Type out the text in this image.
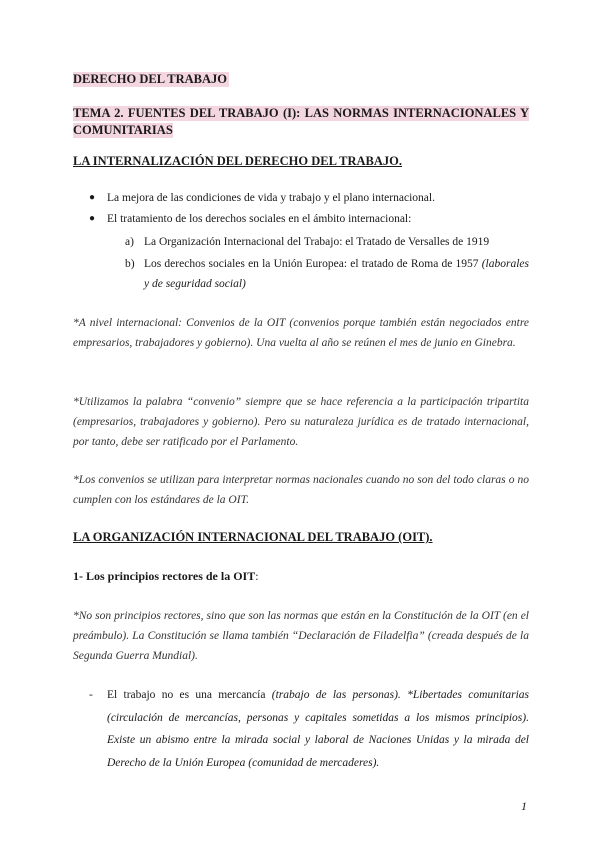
DERECHO DEL TRABAJO
TEMA 2. FUENTES DEL TRABAJO (I): LAS NORMAS INTERNACIONALES Y COMUNITARIAS
LA INTERNALIZACIÓN DEL DERECHO DEL TRABAJO.
● La mejora de las condiciones de vida y trabajo y el plano internacional.
● El tratamiento de los derechos sociales en el ámbito internacional:
a) La Organización Internacional del Trabajo: el Tratado de Versalles de 1919
b) Los derechos sociales en la Unión Europea: el tratado de Roma de 1957 (laborales y de seguridad social)
*A nivel internacional: Convenios de la OIT (convenios porque también están negociados entre empresarios, trabajadores y gobierno). Una vuelta al año se reúnen el mes de junio en Ginebra.
*Utilizamos la palabra “convenio” siempre que se hace referencia a la participación tripartita (empresarios, trabajadores y gobierno). Pero su naturaleza jurídica es de tratado internacional, por tanto, debe ser ratificado por el Parlamento.
*Los convenios se utilizan para interpretar normas nacionales cuando no son del todo claras o no cumplen con los estándares de la OIT.
LA ORGANIZACIÓN INTERNACIONAL DEL TRABAJO (OIT).
1- Los principios rectores de la OIT:
*No son principios rectores, sino que son las normas que están en la Constitución de la OIT (en el preámbulo). La Constitución se llama también “Declaración de Filadelfia” (creada después de la Segunda Guerra Mundial).
- El trabajo no es una mercancía (trabajo de las personas). *Libertades comunitarias (circulación de mercancías, personas y capitales sometidas a los mismos principios). Existe un abismo entre la mirada social y laboral de Naciones Unidas y la mirada del Derecho de la Unión Europea (comunidad de mercaderes).
1
